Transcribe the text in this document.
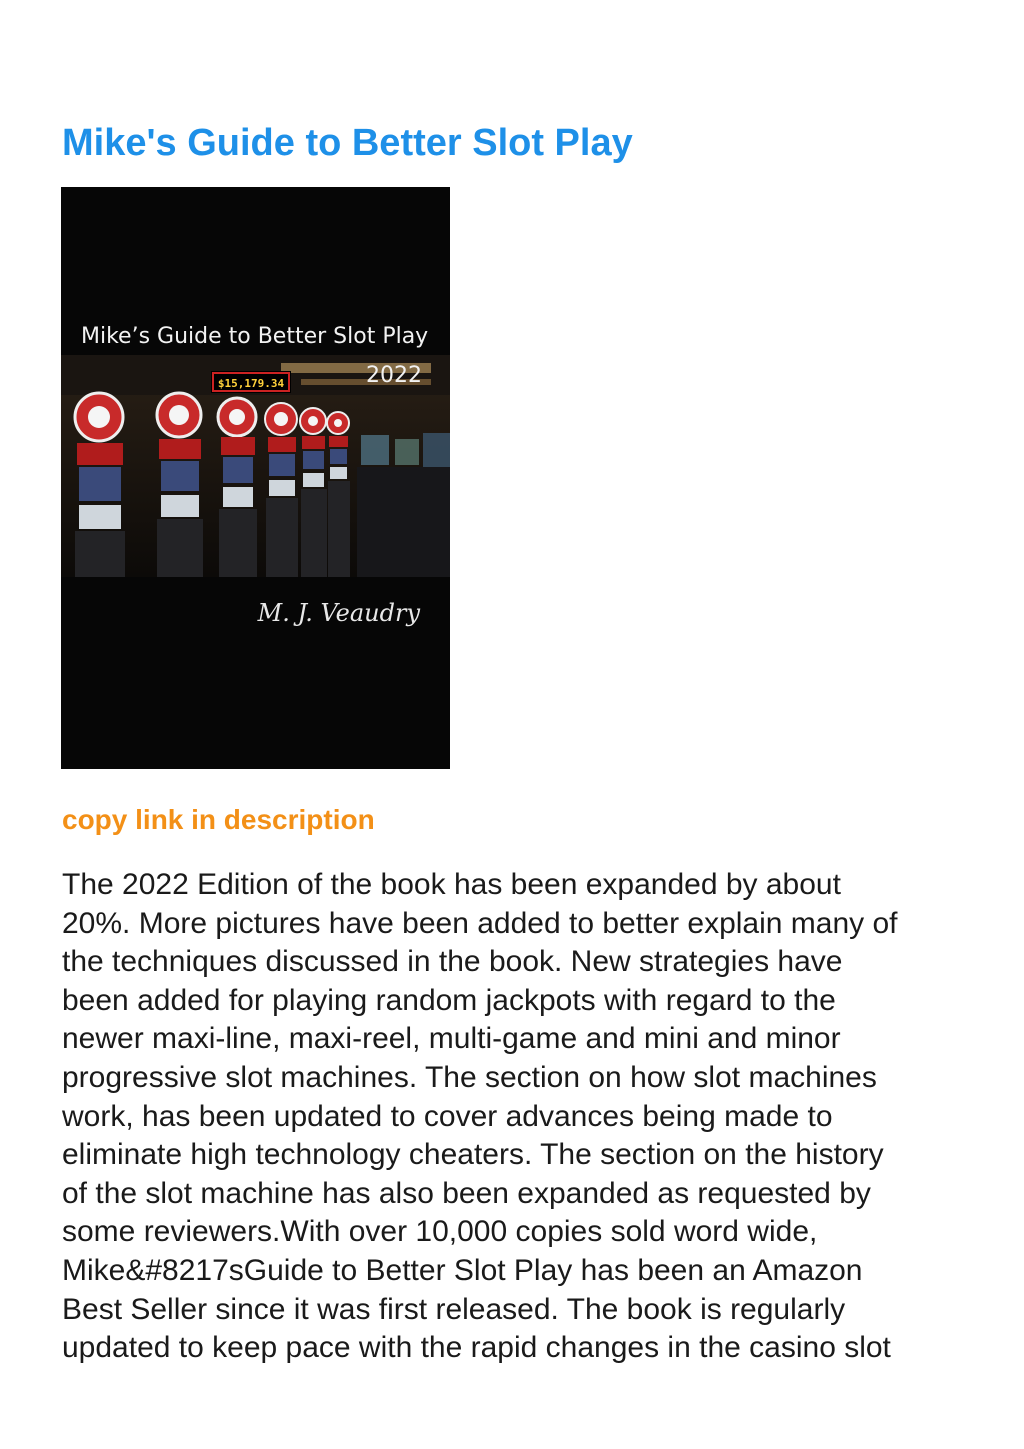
Mike's Guide to Better Slot Play
$15,179.34
Mike’s Guide to Better Slot Play
2022
M. J. Veaudry
copy link in description

The 2022 Edition of the book has been expanded by about
20%. More pictures have been added to better explain many of
the techniques discussed in the book. New strategies have
been added for playing random jackpots with regard to the
newer maxi-line, maxi-reel, multi-game and mini and minor
progressive slot machines. The section on how slot machines
work, has been updated to cover advances being made to
eliminate high technology cheaters. The section on the history
of the slot machine has also been expanded as requested by
some reviewers.With over 10,000 copies sold word wide,
Mike&#8217sGuide to Better Slot Play has been an Amazon
Best Seller since it was first released. The book is regularly
updated to keep pace with the rapid changes in the casino slot
